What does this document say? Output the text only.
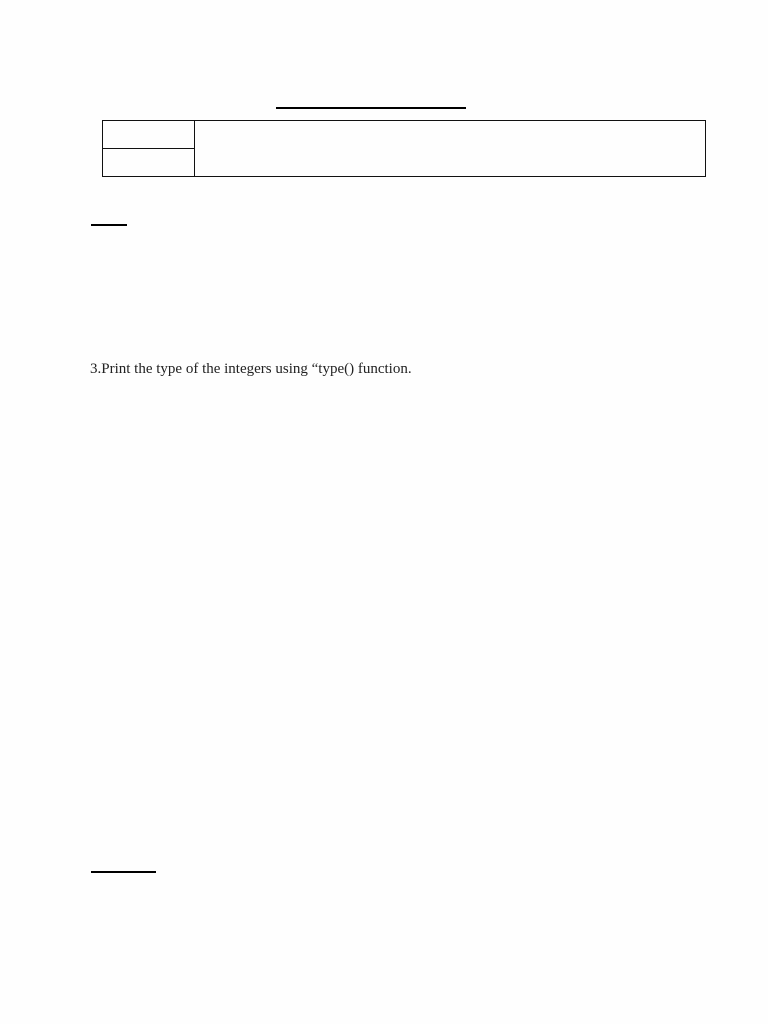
3.Print the type of the integers using “type() function.
